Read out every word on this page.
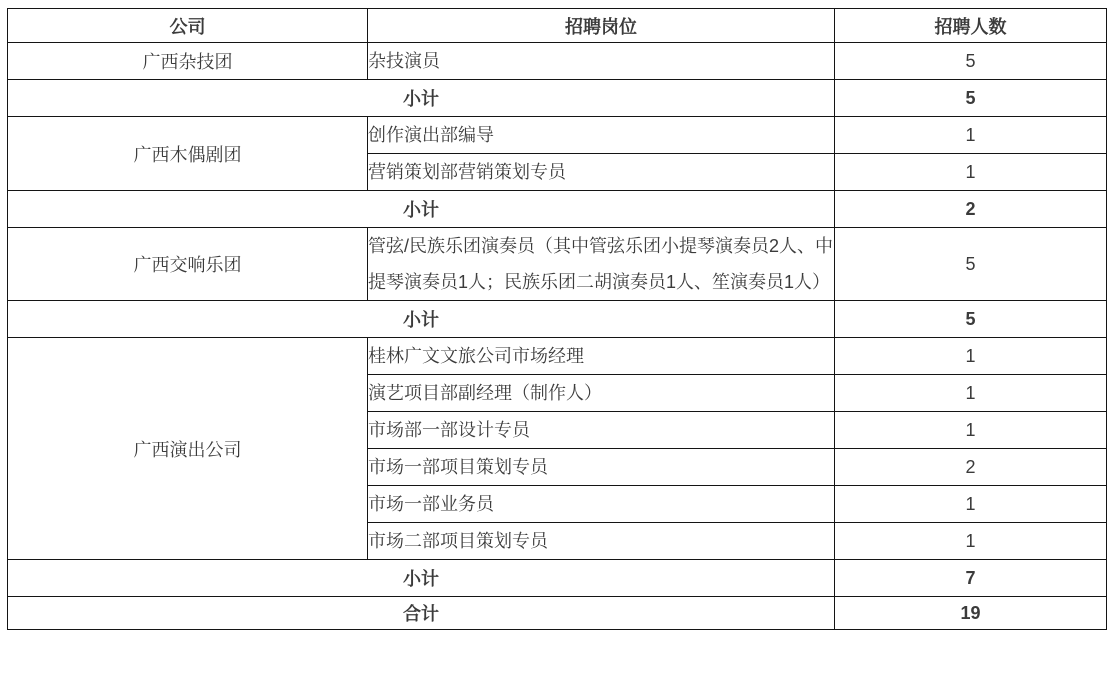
公司	招聘岗位	招聘人数
广西杂技团	杂技演员	5
小计		5
广西木偶剧团	创作演出部编导	1
	营销策划部营销策划专员	1
小计		2
广西交响乐团	管弦/民族乐团演奏员（其中管弦乐团小提琴演奏员2人、中提琴演奏员1人；民族乐团二胡演奏员1人、笙演奏员1人）	5
小计		5
广西演出公司	桂林广文文旅公司市场经理	1
	演艺项目部副经理（制作人）	1
	市场部一部设计专员	1
	市场一部项目策划专员	2
	市场一部业务员	1
	市场二部项目策划专员	1
小计		7
合计		19
